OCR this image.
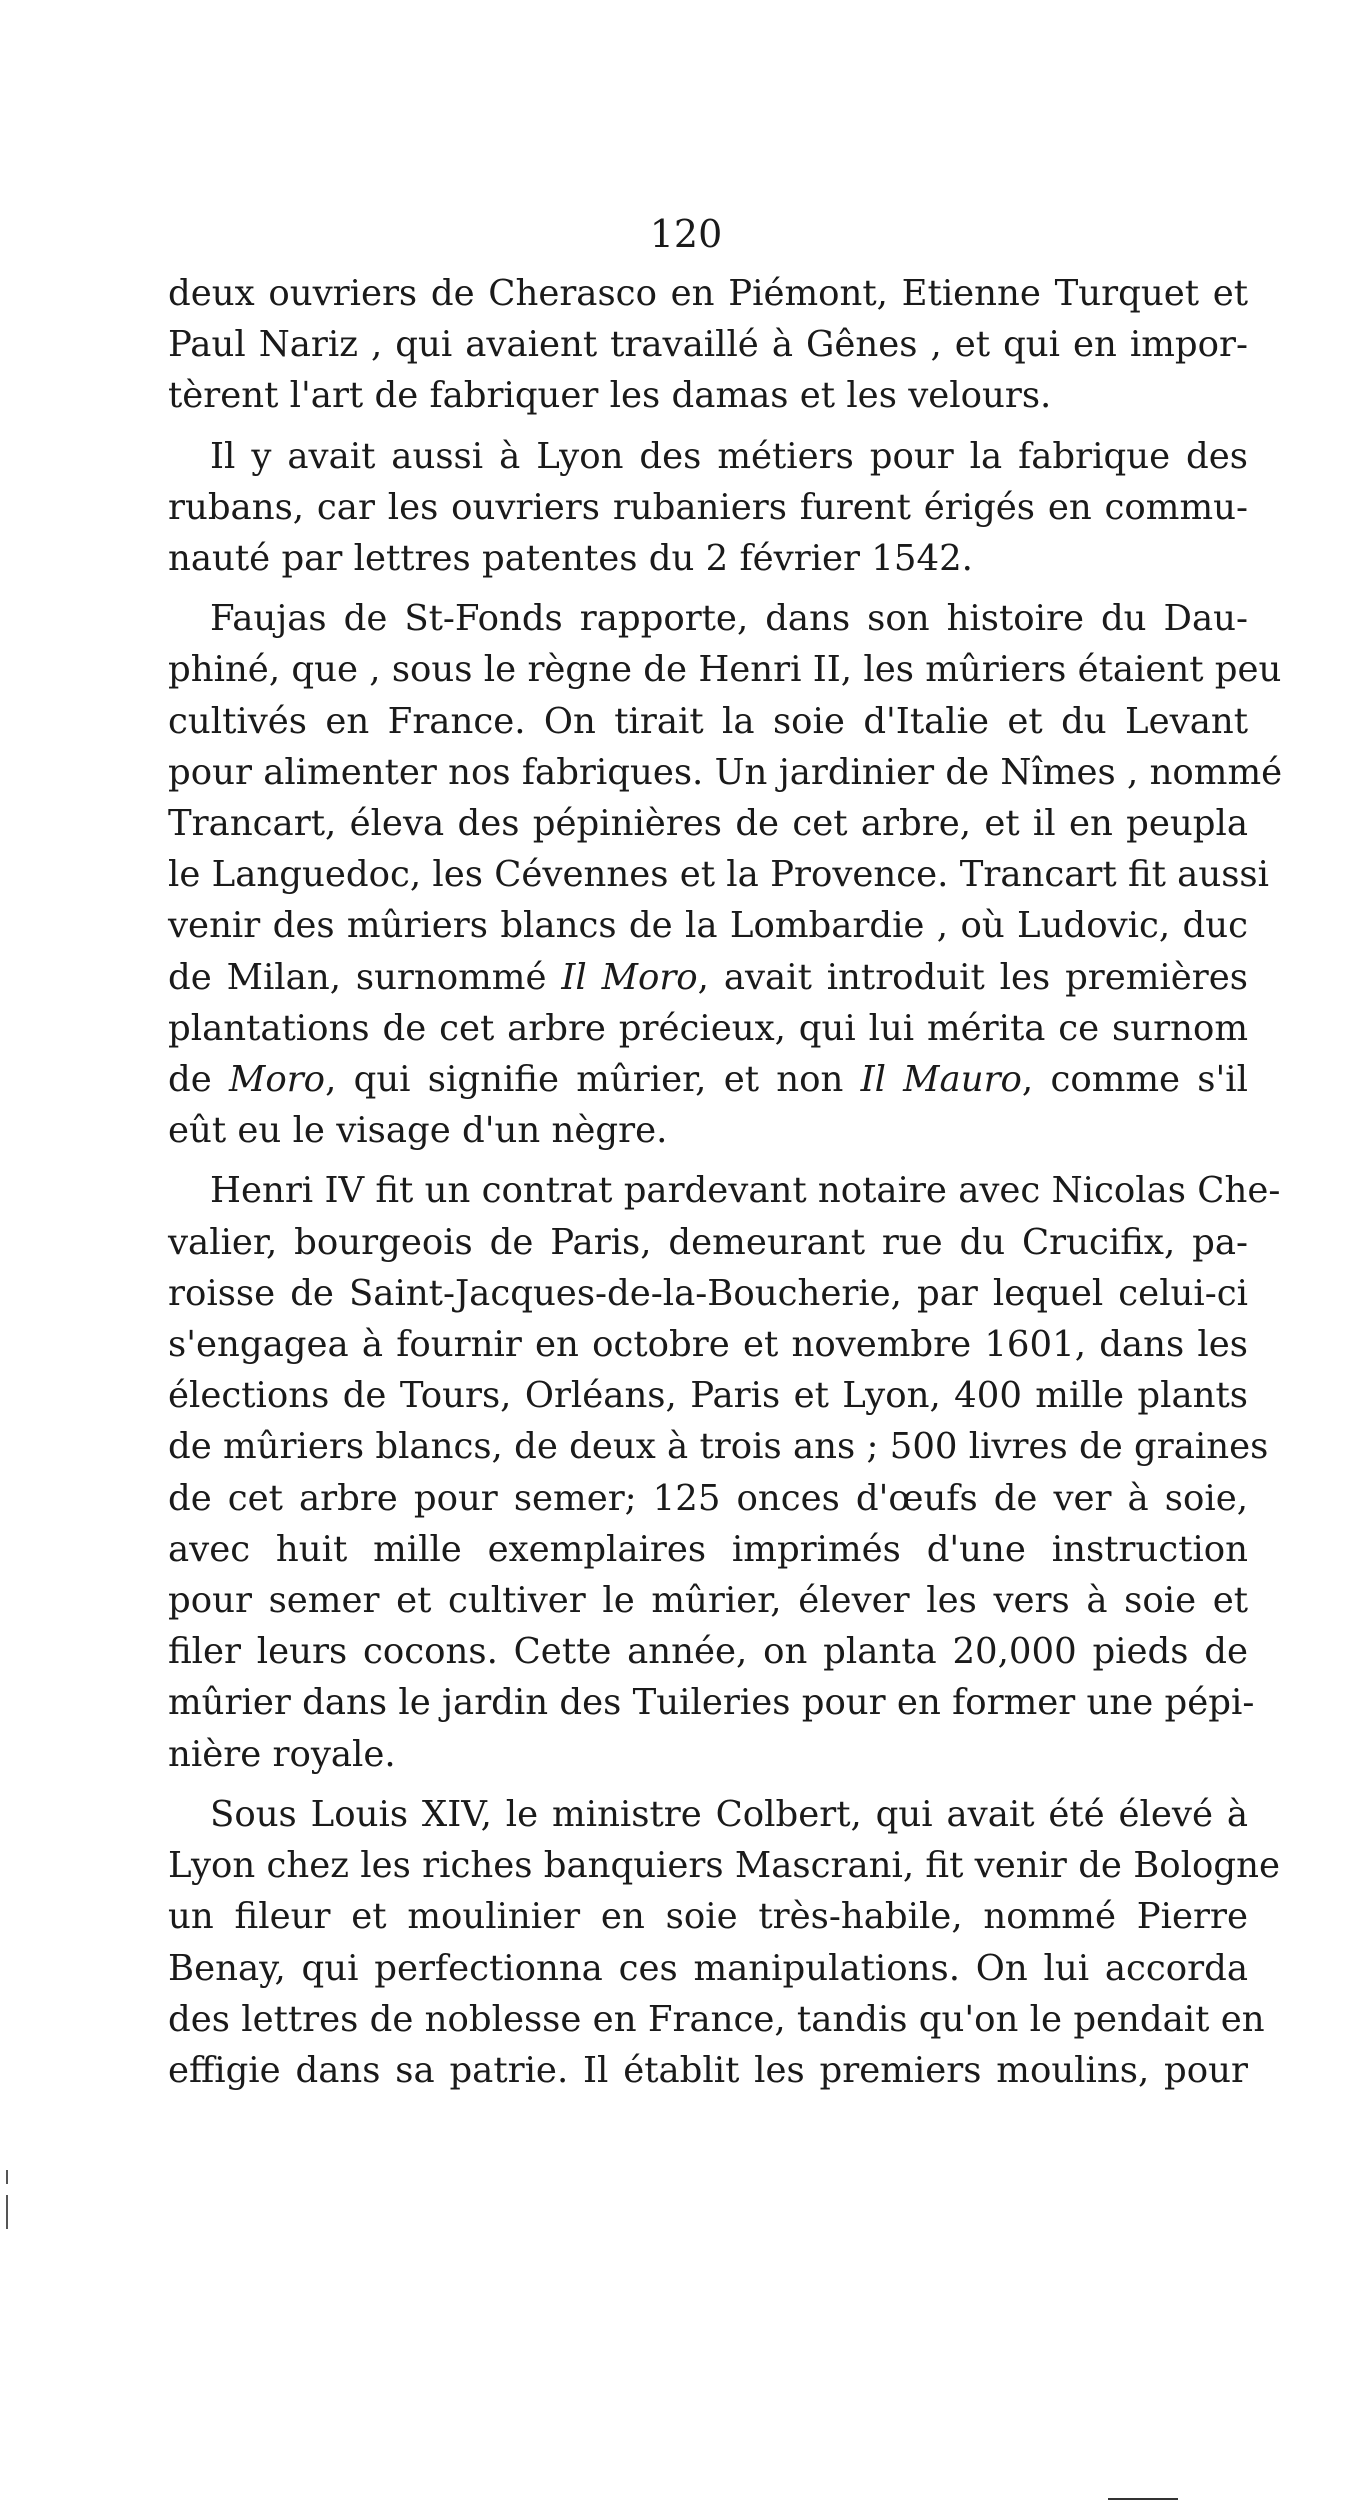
120
deux ouvriers de Cherasco en Piémont, Etienne Turquet et
Paul Nariz , qui avaient travaillé à Gênes , et qui en impor-
tèrent l'art de fabriquer les damas et les velours.
Il y avait aussi à Lyon des métiers pour la fabrique des
rubans, car les ouvriers rubaniers furent érigés en commu-
nauté par lettres patentes du 2 février 1542.
Faujas de St-Fonds rapporte, dans son histoire du Dau-
phiné, que , sous le règne de Henri II, les mûriers étaient peu
cultivés en France. On tirait la soie d'Italie et du Levant
pour alimenter nos fabriques. Un jardinier de Nîmes , nommé
Trancart, éleva des pépinières de cet arbre, et il en peupla
le Languedoc, les Cévennes et la Provence. Trancart fit aussi
venir des mûriers blancs de la Lombardie , où Ludovic, duc
de Milan, surnommé Il Moro, avait introduit les premières
plantations de cet arbre précieux, qui lui mérita ce surnom
de Moro, qui signifie mûrier, et non Il Mauro, comme s'il
eût eu le visage d'un nègre.
Henri IV fit un contrat pardevant notaire avec Nicolas Che-
valier, bourgeois de Paris, demeurant rue du Crucifix, pa-
roisse de Saint-Jacques-de-la-Boucherie, par lequel celui-ci
s'engagea à fournir en octobre et novembre 1601, dans les
élections de Tours, Orléans, Paris et Lyon, 400 mille plants
de mûriers blancs, de deux à trois ans ; 500 livres de graines
de cet arbre pour semer; 125 onces d'œufs de ver à soie,
avec huit mille exemplaires imprimés d'une instruction
pour semer et cultiver le mûrier, élever les vers à soie et
filer leurs cocons. Cette année, on planta 20,000 pieds de
mûrier dans le jardin des Tuileries pour en former une pépi-
nière royale.
Sous Louis XIV, le ministre Colbert, qui avait été élevé à
Lyon chez les riches banquiers Mascrani, fit venir de Bologne
un fileur et moulinier en soie très-habile, nommé Pierre
Benay, qui perfectionna ces manipulations. On lui accorda
des lettres de noblesse en France, tandis qu'on le pendait en
effigie dans sa patrie. Il établit les premiers moulins, pour
